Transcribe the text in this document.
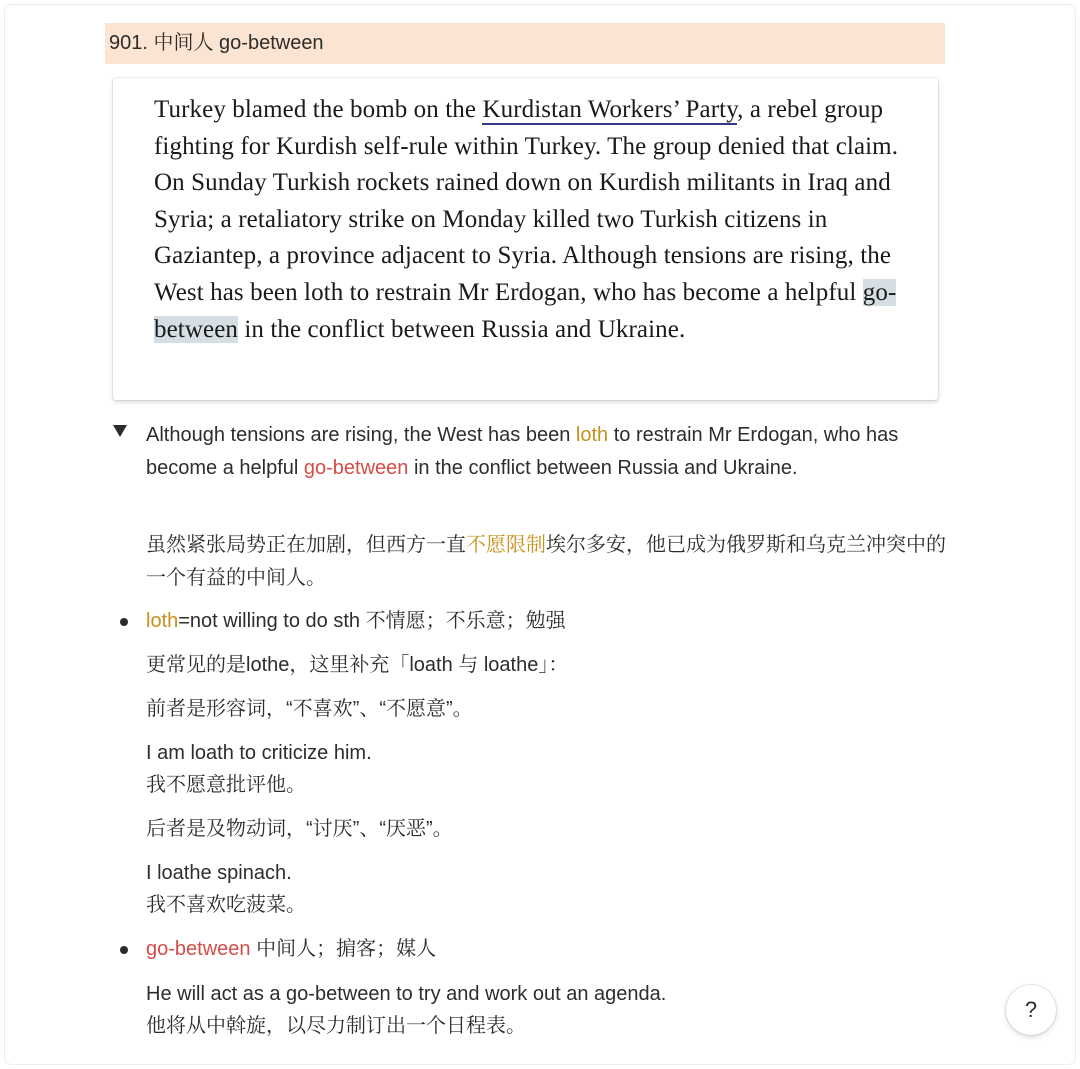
901. 中间人 go-between

Turkey blamed the bomb on the Kurdistan Workers’ Party, a rebel group fighting for Kurdish self-rule within Turkey. The group denied that claim. On Sunday Turkish rockets rained down on Kurdish militants in Iraq and Syria; a retaliatory strike on Monday killed two Turkish citizens in Gaziantep, a province adjacent to Syria. Although tensions are rising, the West has been loth to restrain Mr Erdogan, who has become a helpful go-between in the conflict between Russia and Ukraine.

Although tensions are rising, the West has been loth to restrain Mr Erdogan, who has become a helpful go-between in the conflict between Russia and Ukraine.

虽然紧张局势正在加剧，但西方一直不愿限制埃尔多安，他已成为俄罗斯和乌克兰冲突中的一个有益的中间人。

loth=not willing to do sth 不情愿；不乐意；勉强

更常见的是lothe，这里补充「loath 与 loathe」：

前者是形容词，“不喜欢”、“不愿意”。

I am loath to criticize him.

我不愿意批评他。

后者是及物动词，“讨厌”、“厌恶”。

I loathe spinach.

我不喜欢吃菠菜。

go-between 中间人；掮客；媒人

He will act as a go-between to try and work out an agenda.

他将从中斡旋，以尽力制订出一个日程表。

?
